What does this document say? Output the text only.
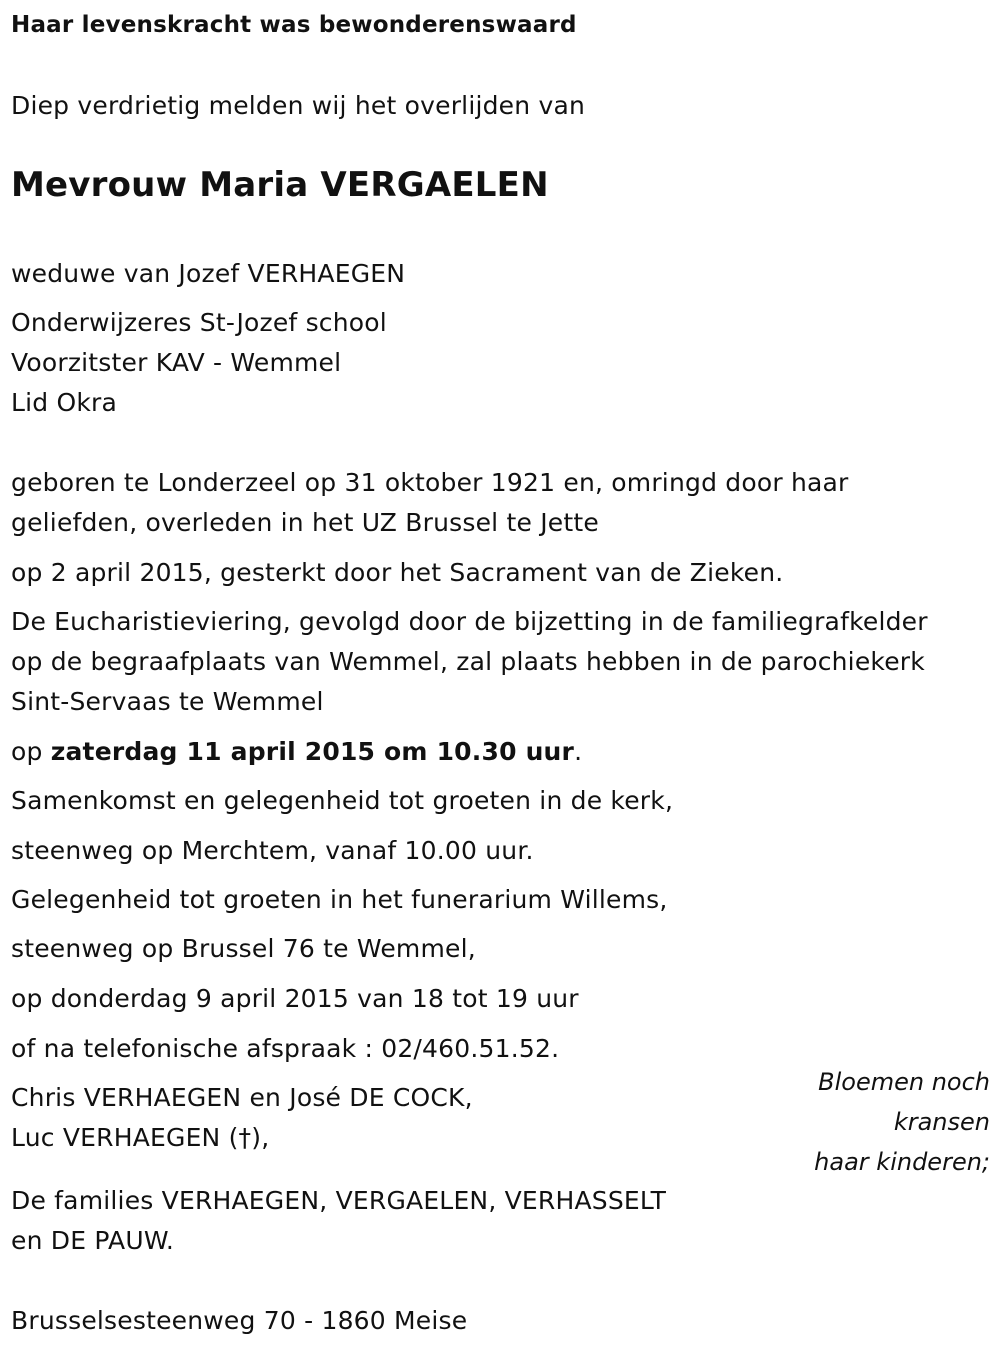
Haar levenskracht was bewonderenswaard
Diep verdrietig melden wij het overlijden van
Mevrouw Maria VERGAELEN
weduwe van Jozef VERHAEGEN
Onderwijzeres St-Jozef school
Voorzitster KAV - Wemmel
Lid Okra
geboren te Londerzeel op 31 oktober 1921 en, omringd door haar
geliefden, overleden in het UZ Brussel te Jette
op 2 april 2015, gesterkt door het Sacrament van de Zieken.
De Eucharistieviering, gevolgd door de bijzetting in de familiegrafkelder
op de begraafplaats van Wemmel, zal plaats hebben in de parochiekerk
Sint-Servaas te Wemmel
op zaterdag 11 april 2015 om 10.30 uur.
Samenkomst en gelegenheid tot groeten in de kerk,
steenweg op Merchtem, vanaf 10.00 uur.
Gelegenheid tot groeten in het funerarium Willems,
steenweg op Brussel 76 te Wemmel,
op donderdag 9 april 2015 van 18 tot 19 uur
of na telefonische afspraak : 02/460.51.52.
Chris VERHAEGEN en José DE COCK,
Luc VERHAEGEN (†),
De families VERHAEGEN, VERGAELEN, VERHASSELT
en DE PAUW.
Brusselsesteenweg 70 - 1860 Meise
Bloemen noch
kransen
haar kinderen;
